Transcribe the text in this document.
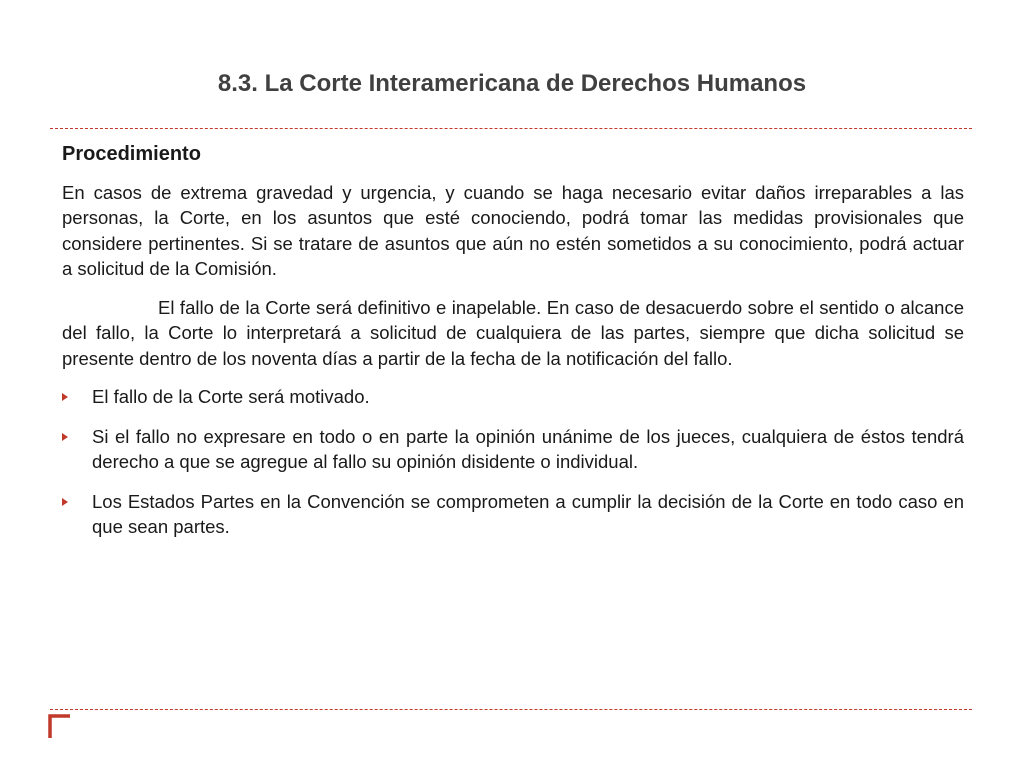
8.3. La Corte Interamericana de Derechos Humanos
Procedimiento

En casos de extrema gravedad y urgencia, y cuando se haga necesario evitar daños irreparables a las personas, la Corte, en los asuntos que esté conociendo, podrá tomar las medidas provisionales que considere pertinentes. Si se tratare de asuntos que aún no estén sometidos a su conocimiento, podrá actuar a solicitud de la Comisión.

El fallo de la Corte será definitivo e inapelable. En caso de desacuerdo sobre el sentido o alcance del fallo, la Corte lo interpretará a solicitud de cualquiera de las partes, siempre que dicha solicitud se presente dentro de los noventa días a partir de la fecha de la notificación del fallo.

El fallo de la Corte será motivado.
Si el fallo no expresare en todo o en parte la opinión unánime de los jueces, cualquiera de éstos tendrá derecho a que se agregue al fallo su opinión disidente o individual.
Los Estados Partes en la Convención se comprometen a cumplir la decisión de la Corte en todo caso en que sean partes.
